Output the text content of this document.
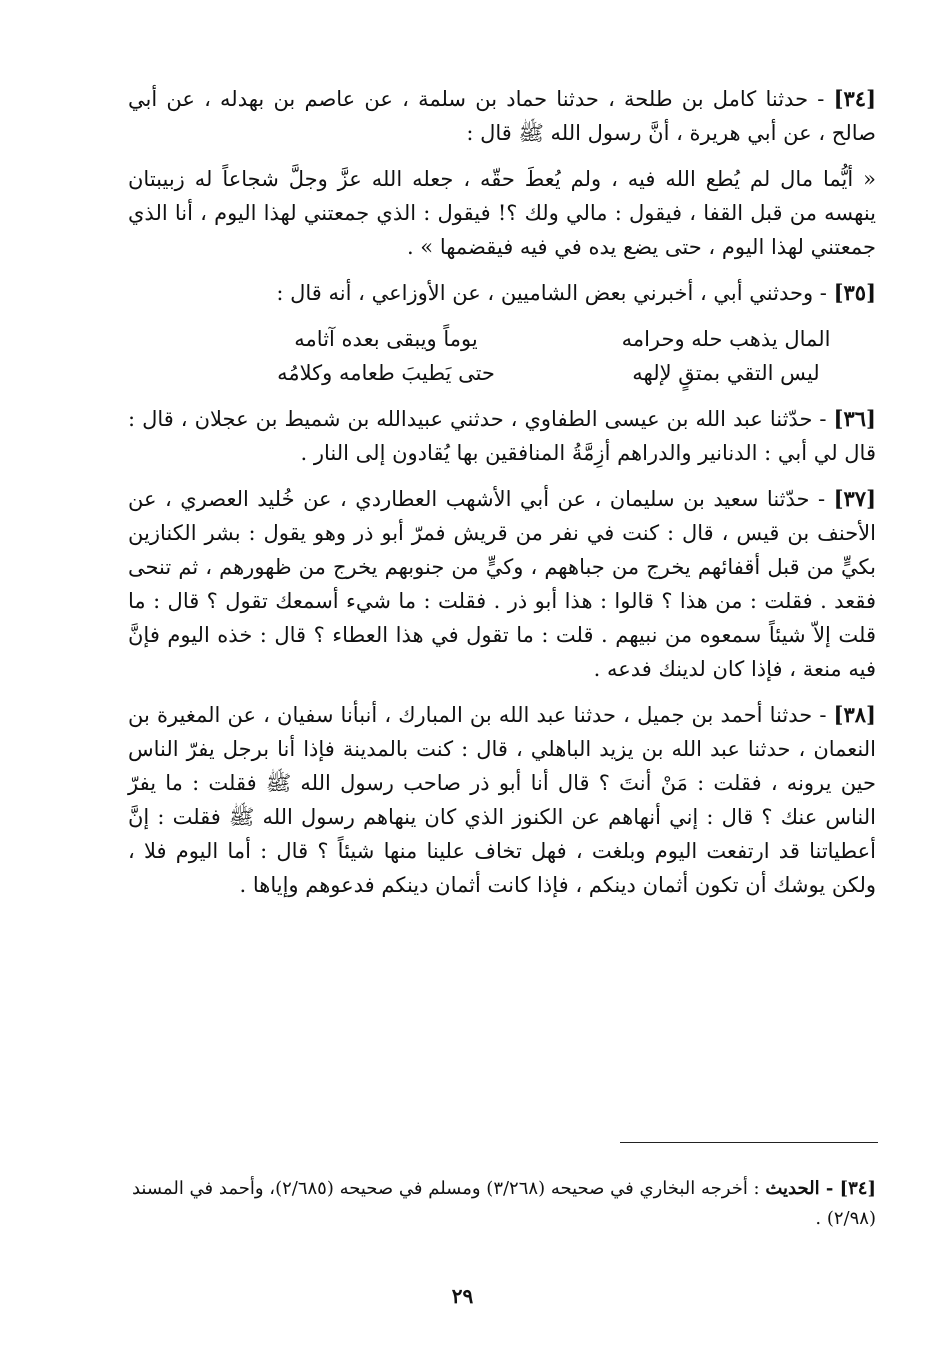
[٣٤] - حدثنا كامل بن طلحة ، حدثنا حماد بن سلمة ، عن عاصم بن بهدله ، عن أبي صالح ، عن أبي هريرة ، أنَّ رسول الله ﷺ قال :

« أيُّما مال لم يُطع الله فيه ، ولم يُعطَ حقّه ، جعله الله عزَّ وجلَّ شجاعاً له زبيبتان ينهسه من قبل القفا ، فيقول : مالي ولك ؟! فيقول : الذي جمعتني لهذا اليوم ، أنا الذي جمعتني لهذا اليوم ، حتى يضع يده في فيه فيقضمها » .

[٣٥] - وحدثني أبي ، أخبرني بعض الشاميين ، عن الأوزاعي ، أنه قال :

المال يذهب حله وحرامه
يوماً ويبقى بعده آثامه
ليس التقي بمتقٍ لإلهه
حتى يَطيبَ طعامه وكلامُه

[٣٦] - حدّثنا عبد الله بن عيسى الطفاوي ، حدثني عبيدالله بن شميط بن عجلان ، قال : قال لي أبي : الدنانير والدراهم أزِمَّةُ المنافقين بها يُقادون إلى النار .

[٣٧] - حدّثنا سعيد بن سليمان ، عن أبي الأشهب العطاردي ، عن خُليد العصري ، عن الأحنف بن قيس ، قال : كنت في نفر من قريش فمرّ أبو ذر وهو يقول : بشر الكنازين بكيٍّ من قبل أقفائهم يخرج من جباههم ، وكيٍّ من جنوبهم يخرج من ظهورهم ، ثم تنحى فقعد . فقلت : من هذا ؟ قالوا : هذا أبو ذر . فقلت : ما شيء أسمعك تقول ؟ قال : ما قلت إلاّ شيئاً سمعوه من نبيهم . قلت : ما تقول في هذا العطاء ؟ قال : خذه اليوم فإنَّ فيه منعة ، فإذا كان لدينك فدعه .

[٣٨] - حدثنا أحمد بن جميل ، حدثنا عبد الله بن المبارك ، أنبأنا سفيان ، عن المغيرة بن النعمان ، حدثنا عبد الله بن يزيد الباهلي ، قال : كنت بالمدينة فإذا أنا برجل يفرّ الناس حين يرونه ، فقلت : مَنْ أنتَ ؟ قال أنا أبو ذر صاحب رسول الله ﷺ فقلت : ما يفرّ الناس عنك ؟ قال : إني أنهاهم عن الكنوز الذي كان ينهاهم رسول الله ﷺ فقلت : إنَّ أعطياتنا قد ارتفعت اليوم وبلغت ، فهل تخاف علينا منها شيئاً ؟ قال : أما اليوم فلا ، ولكن يوشك أن تكون أثمان دينكم ، فإذا كانت أثمان دينكم فدعوهم وإياها .

[٣٤] - الحديث : أخرجه البخاري في صحيحه (٣/٢٦٨) ومسلم في صحيحه (٢/٦٨٥)، وأحمد في المسند (٢/٩٨) .
٢٩
